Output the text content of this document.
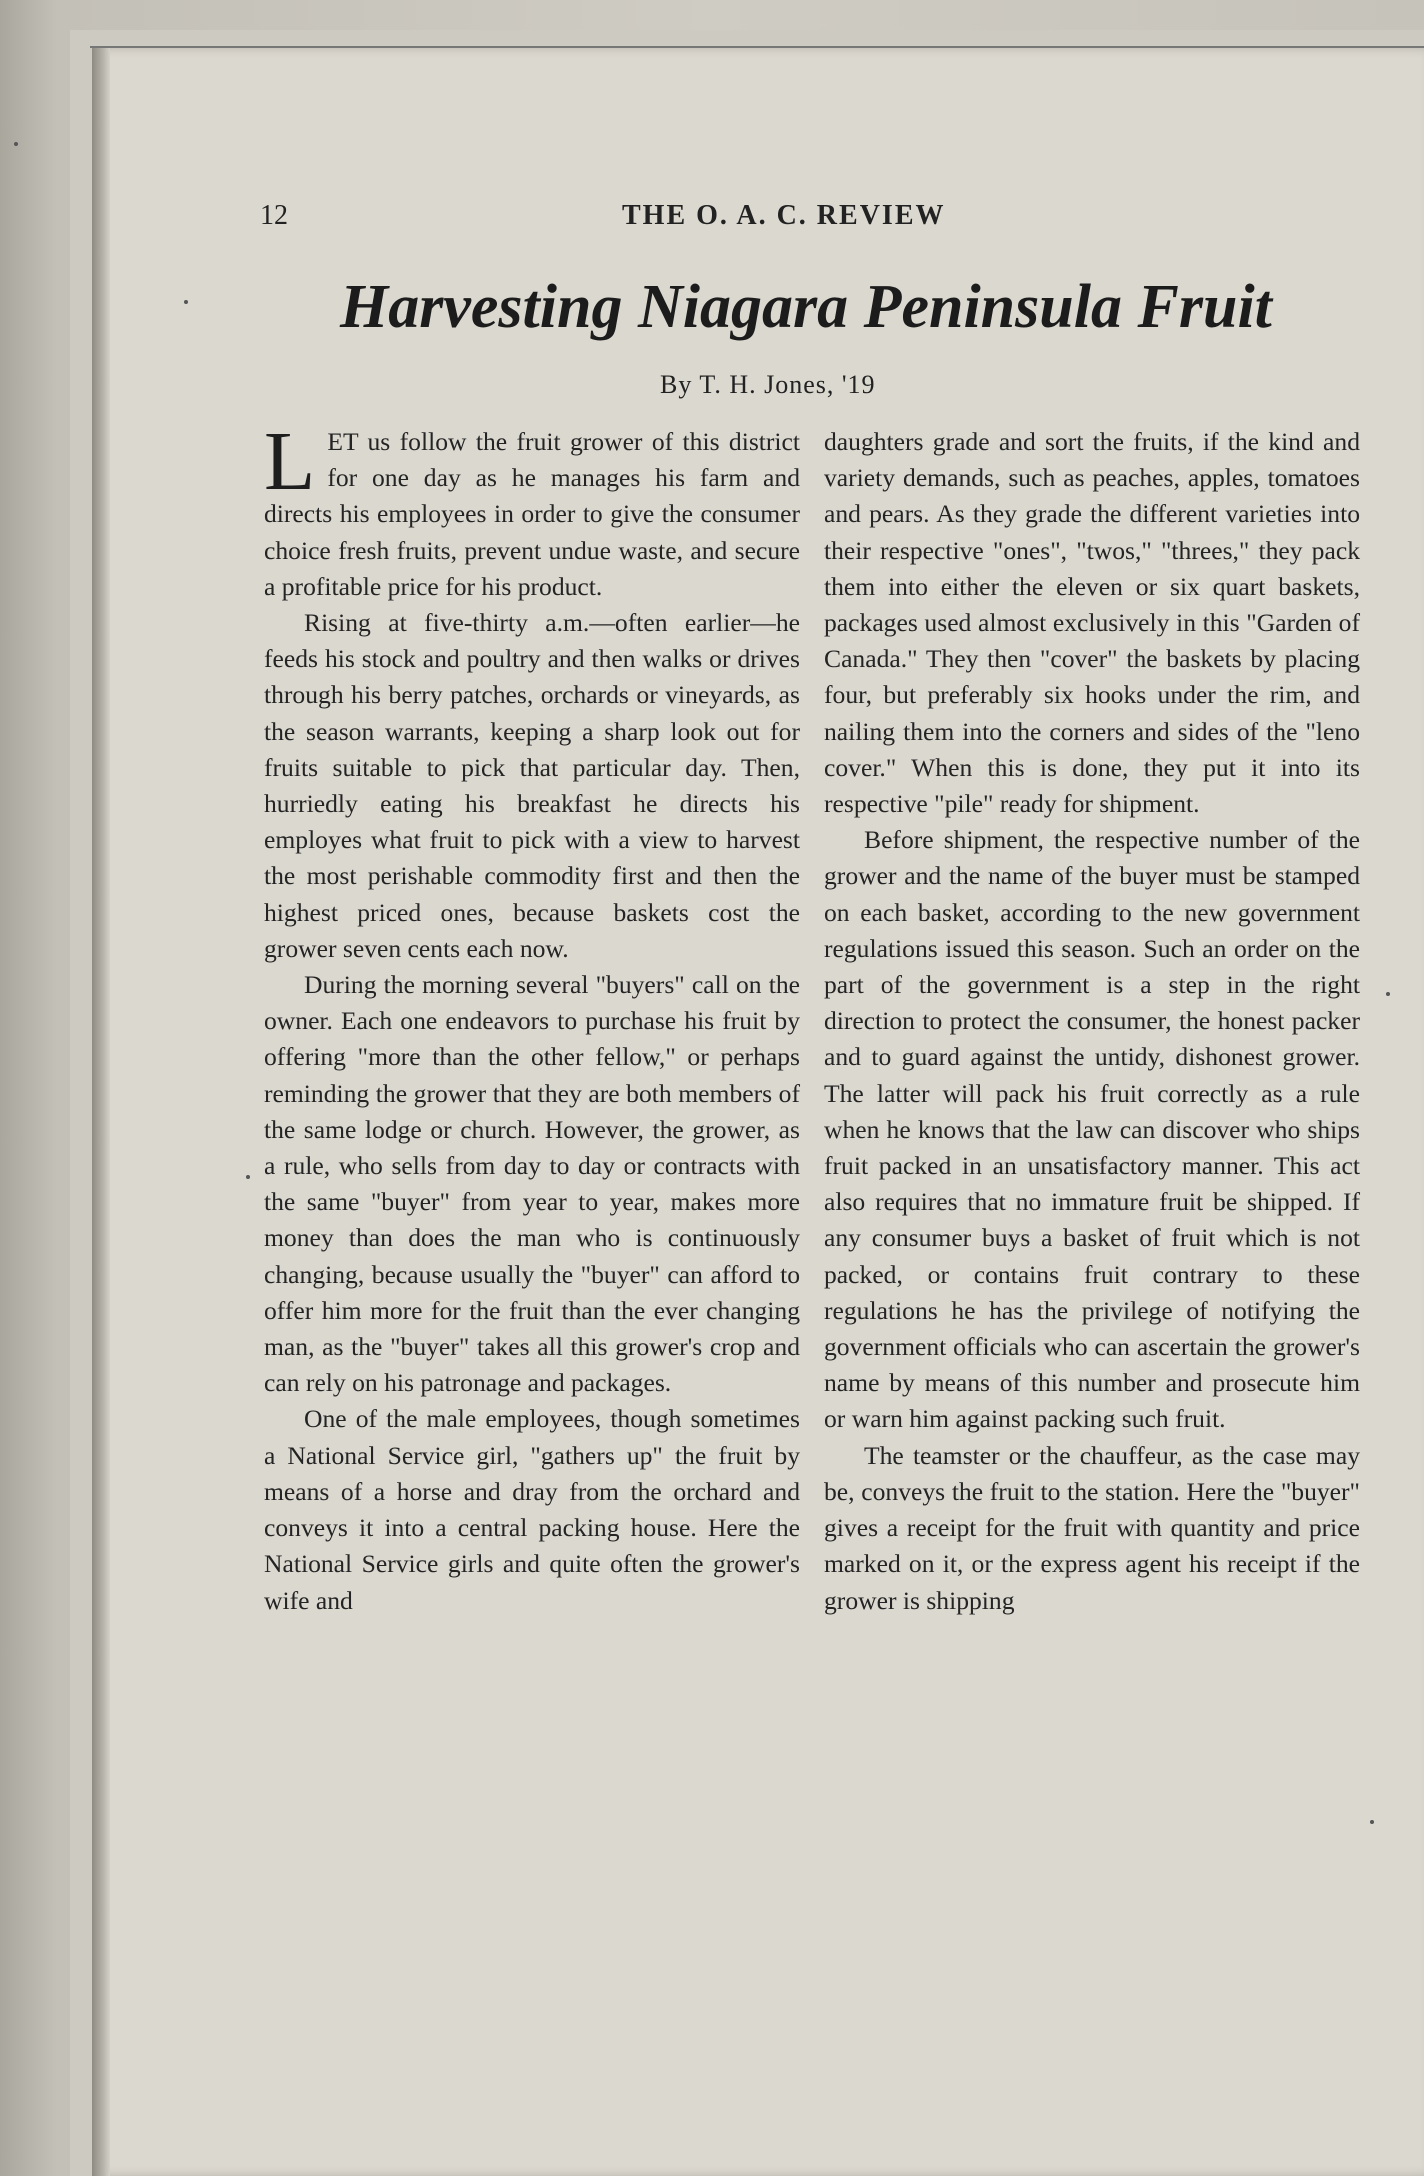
12	THE O. A. C. REVIEW
Harvesting Niagara Peninsula Fruit
By T. H. Jones, '19

LET us follow the fruit grower of this district for one day as he manages his farm and directs his employees in order to give the consumer choice fresh fruits, prevent undue waste, and secure a profitable price for his product.

Rising at five-thirty a.m.—often earlier—he feeds his stock and poultry and then walks or drives through his berry patches, orchards or vineyards, as the season warrants, keeping a sharp look out for fruits suitable to pick that particular day. Then, hurriedly eating his breakfast he directs his employes what fruit to pick with a view to harvest the most perishable commodity first and then the highest priced ones, because baskets cost the grower seven cents each now.

During the morning several "buyers" call on the owner. Each one endeavors to purchase his fruit by offering "more than the other fellow," or perhaps reminding the grower that they are both members of the same lodge or church. However, the grower, as a rule, who sells from day to day or contracts with the same "buyer" from year to year, makes more money than does the man who is continuously changing, because usually the "buyer" can afford to offer him more for the fruit than the ever changing man, as the "buyer" takes all this grower's crop and can rely on his patronage and packages.

One of the male employees, though sometimes a National Service girl, "gathers up" the fruit by means of a horse and dray from the orchard and conveys it into a central packing house. Here the National Service girls and quite often the grower's wife and

daughters grade and sort the fruits, if the kind and variety demands, such as peaches, apples, tomatoes and pears. As they grade the different varieties into their respective "ones", "twos," "threes," they pack them into either the eleven or six quart baskets, packages used almost exclusively in this "Garden of Canada." They then "cover" the baskets by placing four, but preferably six hooks under the rim, and nailing them into the corners and sides of the "leno cover." When this is done, they put it into its respective "pile" ready for shipment.

Before shipment, the respective number of the grower and the name of the buyer must be stamped on each basket, according to the new government regulations issued this season. Such an order on the part of the government is a step in the right direction to protect the consumer, the honest packer and to guard against the untidy, dishonest grower. The latter will pack his fruit correctly as a rule when he knows that the law can discover who ships fruit packed in an unsatisfactory manner. This act also requires that no immature fruit be shipped. If any consumer buys a basket of fruit which is not packed, or contains fruit contrary to these regulations he has the privilege of notifying the government officials who can ascertain the grower's name by means of this number and prosecute him or warn him against packing such fruit.

The teamster or the chauffeur, as the case may be, conveys the fruit to the station. Here the "buyer" gives a receipt for the fruit with quantity and price marked on it, or the express agent his receipt if the grower is shipping
